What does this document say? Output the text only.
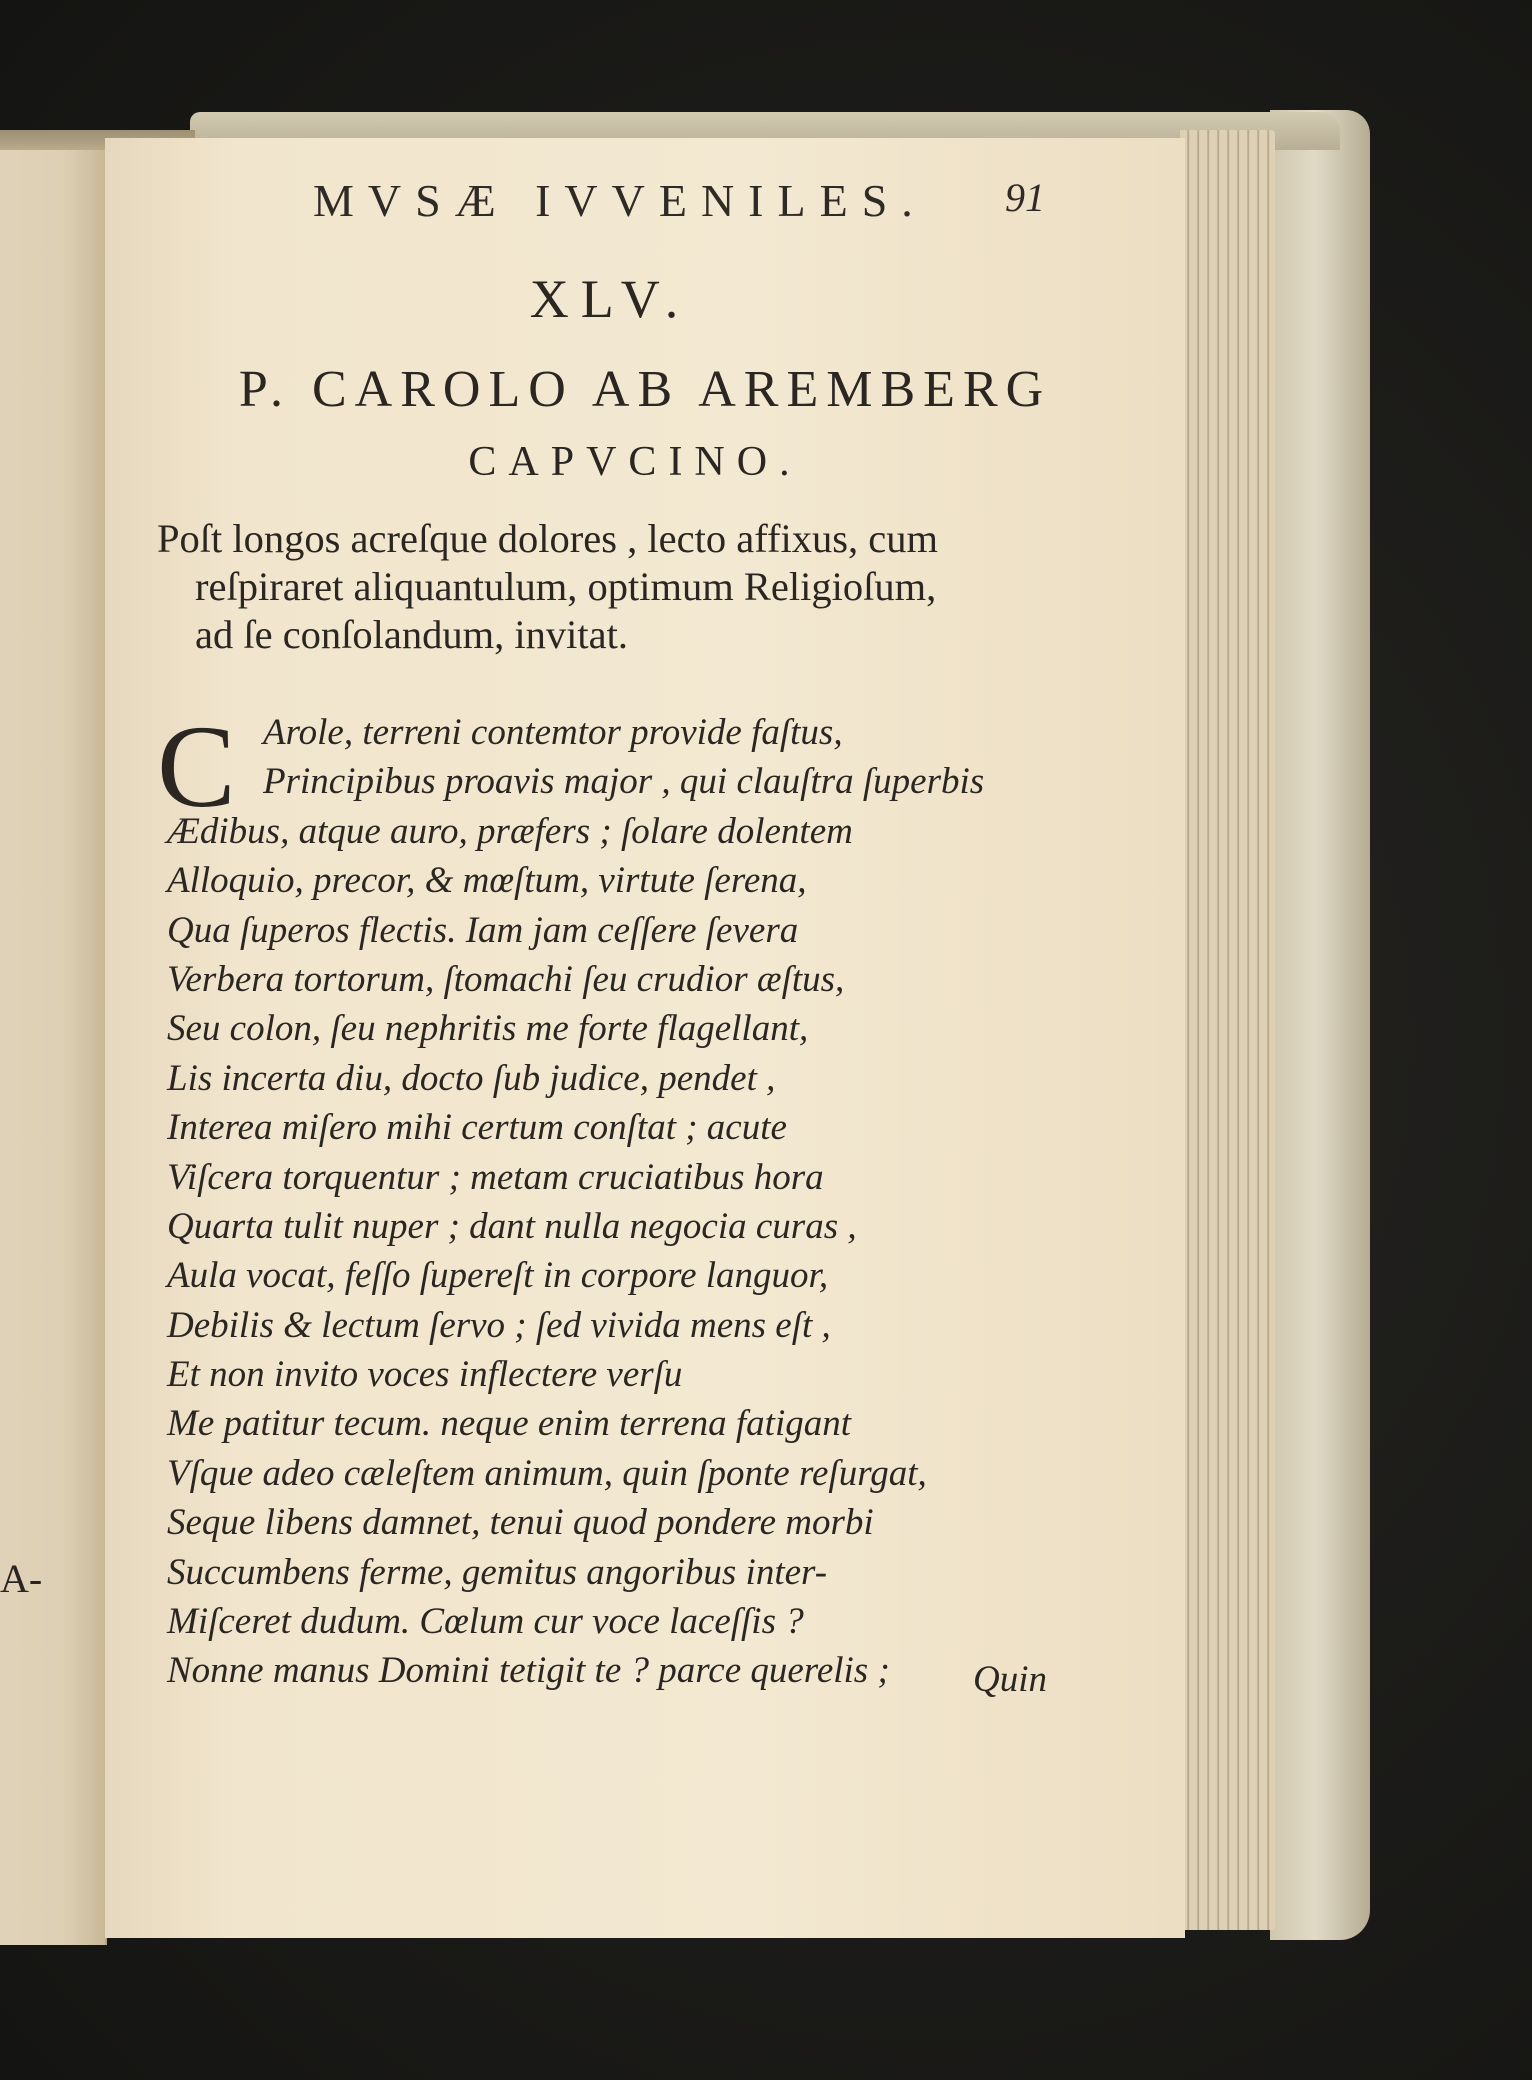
A-
MVSÆ IVVENILES. 91
XLV.
P. CAROLO AB AREMBERG
CAPVCINO.
Poſt longos acreſque dolores , lecto affixus, cum
reſpiraret aliquantulum, optimum Religioſum,
ad ſe conſolandum, invitat.
C Arole, terreni contemtor provide faſtus,
Principibus proavis major , qui clauſtra ſuperbis
Ædibus, atque auro, præfers ; ſolare dolentem
Alloquio, precor, & mœſtum, virtute ſerena,
Qua ſuperos flectis. Iam jam ceſſere ſevera
Verbera tortorum, ſtomachi ſeu crudior æſtus,
Seu colon, ſeu nephritis me forte flagellant,
Lis incerta diu, docto ſub judice, pendet ,
Interea miſero mihi certum conſtat ; acute
Viſcera torquentur ; metam cruciatibus hora
Quarta tulit nuper ; dant nulla negocia curas ,
Aula vocat, feſſo ſupereſt in corpore languor,
Debilis & lectum ſervo ; ſed vivida mens eſt ,
Et non invito voces inflectere verſu
Me patitur tecum. neque enim terrena fatigant
Vſque adeo cæleſtem animum, quin ſponte reſurgat,
Seque libens damnet, tenui quod pondere morbi
Succumbens ferme, gemitus angoribus inter-
Miſceret dudum. Cœlum cur voce laceſſis ?
Nonne manus Domini tetigit te ? parce querelis ;	Quin
